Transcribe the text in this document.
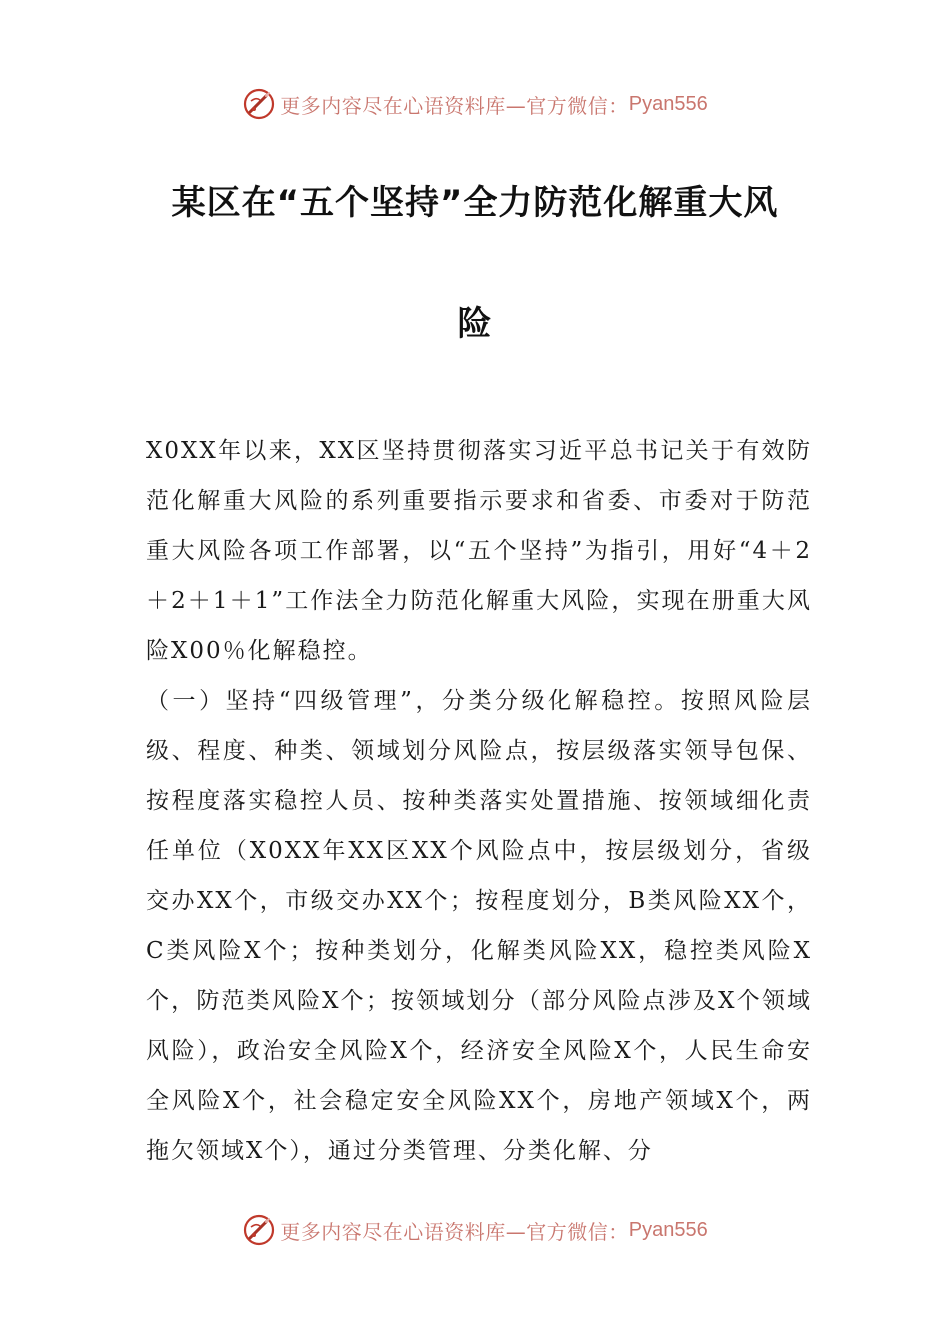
更多内容尽在心语资料库—官方微信： Pyan556
某区在“五个坚持”全力防范化解重大风
险

X0XX年以来，XX区坚持贯彻落实习近平总书记关于有效防范化解重大风险的系列重要指示要求和省委、市委对于防范重大风险各项工作部署，以“五个坚持”为指引，用好“4＋2＋2＋1＋1”工作法全力防范化解重大风险，实现在册重大风险X00％化解稳控。

（一）坚持“四级管理”，分类分级化解稳控。按照风险层级、程度、种类、领域划分风险点，按层级落实领导包保、按程度落实稳控人员、按种类落实处置措施、按领域细化责任单位（X0XX年XX区XX个风险点中，按层级划分，省级交办XX个，市级交办XX个；按程度划分，B类风险XX个，C类风险X个；按种类划分，化解类风险XX，稳控类风险X个，防范类风险X个；按领域划分（部分风险点涉及X个领域风险），政治安全风险X个，经济安全风险X个，人民生命安全风险X个，社会稳定安全风险XX个，房地产领域X个，两拖欠领域X个），通过分类管理、分类化解、分

更多内容尽在心语资料库—官方微信： Pyan556
